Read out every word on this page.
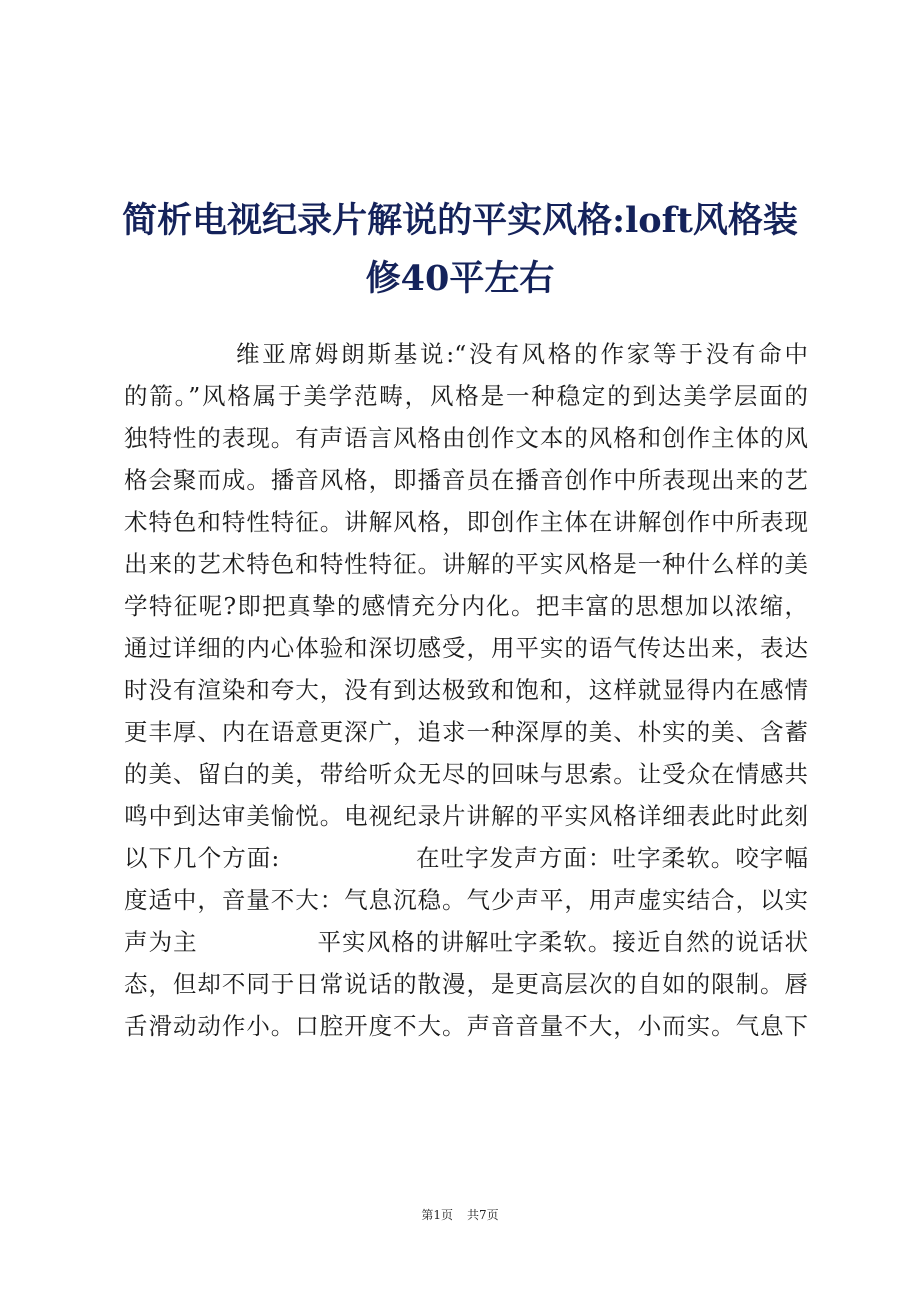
简析电视纪录片解说的平实风格:loft风格装
修40平左右
维亚席姆朗斯基说:“没有风格的作家等于没有命中
的箭。”风格属于美学范畴，风格是一种稳定的到达美学层面的
独特性的表现。有声语言风格由创作文本的风格和创作主体的风
格会聚而成。播音风格，即播音员在播音创作中所表现出来的艺
术特色和特性特征。讲解风格，即创作主体在讲解创作中所表现
出来的艺术特色和特性特征。讲解的平实风格是一种什么样的美
学特征呢?即把真挚的感情充分内化。把丰富的思想加以浓缩，
通过详细的内心体验和深切感受，用平实的语气传达出来，表达
时没有渲染和夸大，没有到达极致和饱和，这样就显得内在感情
更丰厚、内在语意更深广，追求一种深厚的美、朴实的美、含蓄
的美、留白的美，带给听众无尽的回味与思索。让受众在情感共
鸣中到达审美愉悦。电视纪录片讲解的平实风格详细表此时此刻
以下几个方面:                在吐字发声方面：吐字柔软。咬字幅
度适中，音量不大：气息沉稳。气少声平，用声虚实结合，以实
声为主              平实风格的讲解吐字柔软。接近自然的说话状
态，但却不同于日常说话的散漫，是更高层次的自如的限制。唇
舌滑动动作小。口腔开度不大。声音音量不大，小而实。气息下
第1页 共7页
